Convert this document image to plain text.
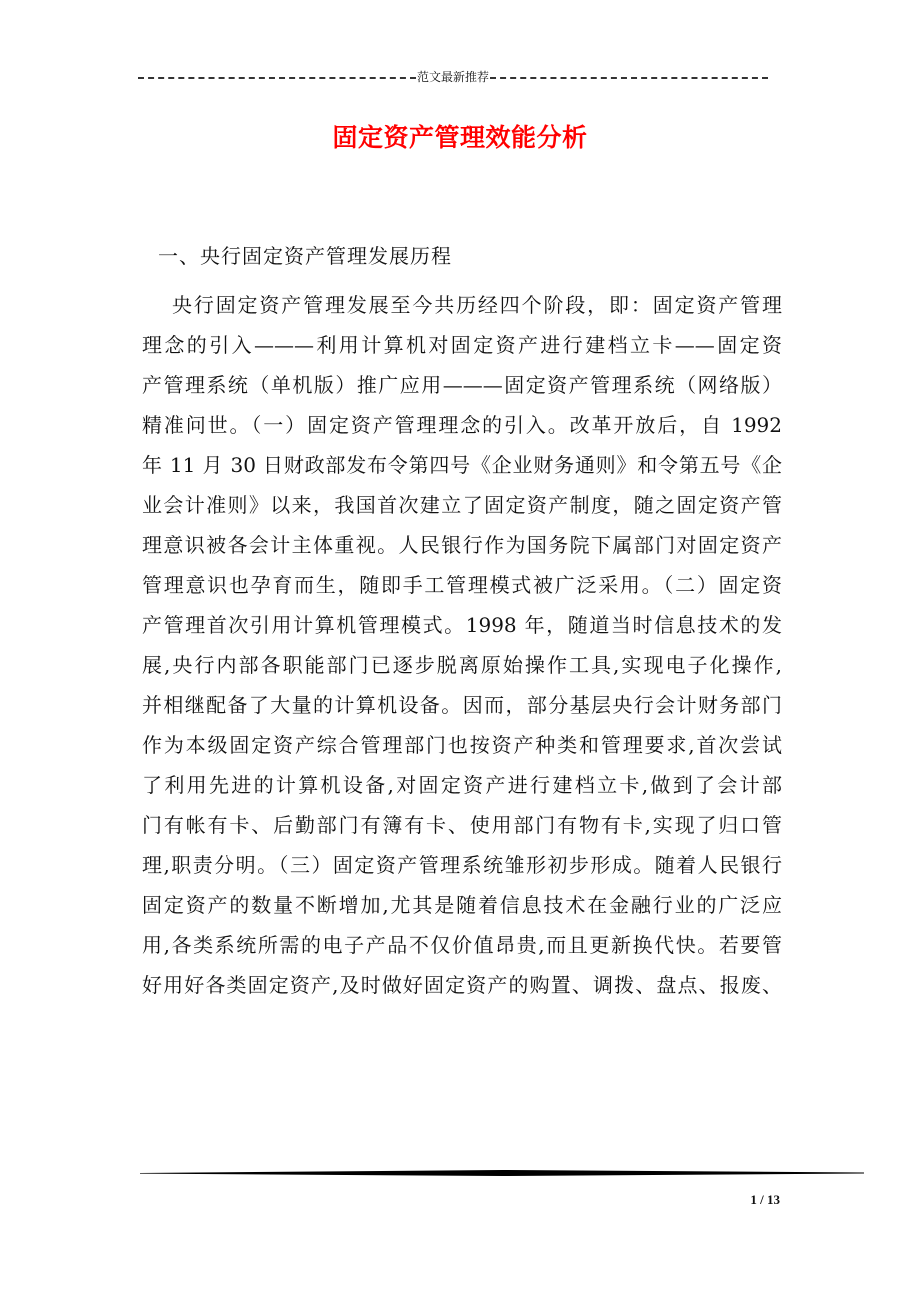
范文最新推荐
固定资产管理效能分析
一、央行固定资产管理发展历程
央行固定资产管理发展至今共历经四个阶段，即：固定资产管理
理念的引入———利用计算机对固定资产进行建档立卡——固定资
产管理系统（单机版）推广应用———固定资产管理系统（网络版）
精准问世。（一）固定资产管理理念的引入。改革开放后，自 1992
年 11 月 30 日财政部发布令第四号《企业财务通则》和令第五号《企
业会计准则》以来，我国首次建立了固定资产制度，随之固定资产管
理意识被各会计主体重视。人民银行作为国务院下属部门对固定资产
管理意识也孕育而生，随即手工管理模式被广泛采用。（二）固定资
产管理首次引用计算机管理模式。1998 年，随道当时信息技术的发
展,央行内部各职能部门已逐步脱离原始操作工具,实现电子化操作,
并相继配备了大量的计算机设备。因而，部分基层央行会计财务部门
作为本级固定资产综合管理部门也按资产种类和管理要求,首次尝试
了利用先进的计算机设备,对固定资产进行建档立卡,做到了会计部
门有帐有卡、后勤部门有簿有卡、使用部门有物有卡,实现了归口管
理,职责分明。（三）固定资产管理系统雏形初步形成。随着人民银行
固定资产的数量不断增加,尤其是随着信息技术在金融行业的广泛应
用,各类系统所需的电子产品不仅价值昂贵,而且更新换代快。若要管
好用好各类固定资产,及时做好固定资产的购置、调拨、盘点、报废、
1 / 13
